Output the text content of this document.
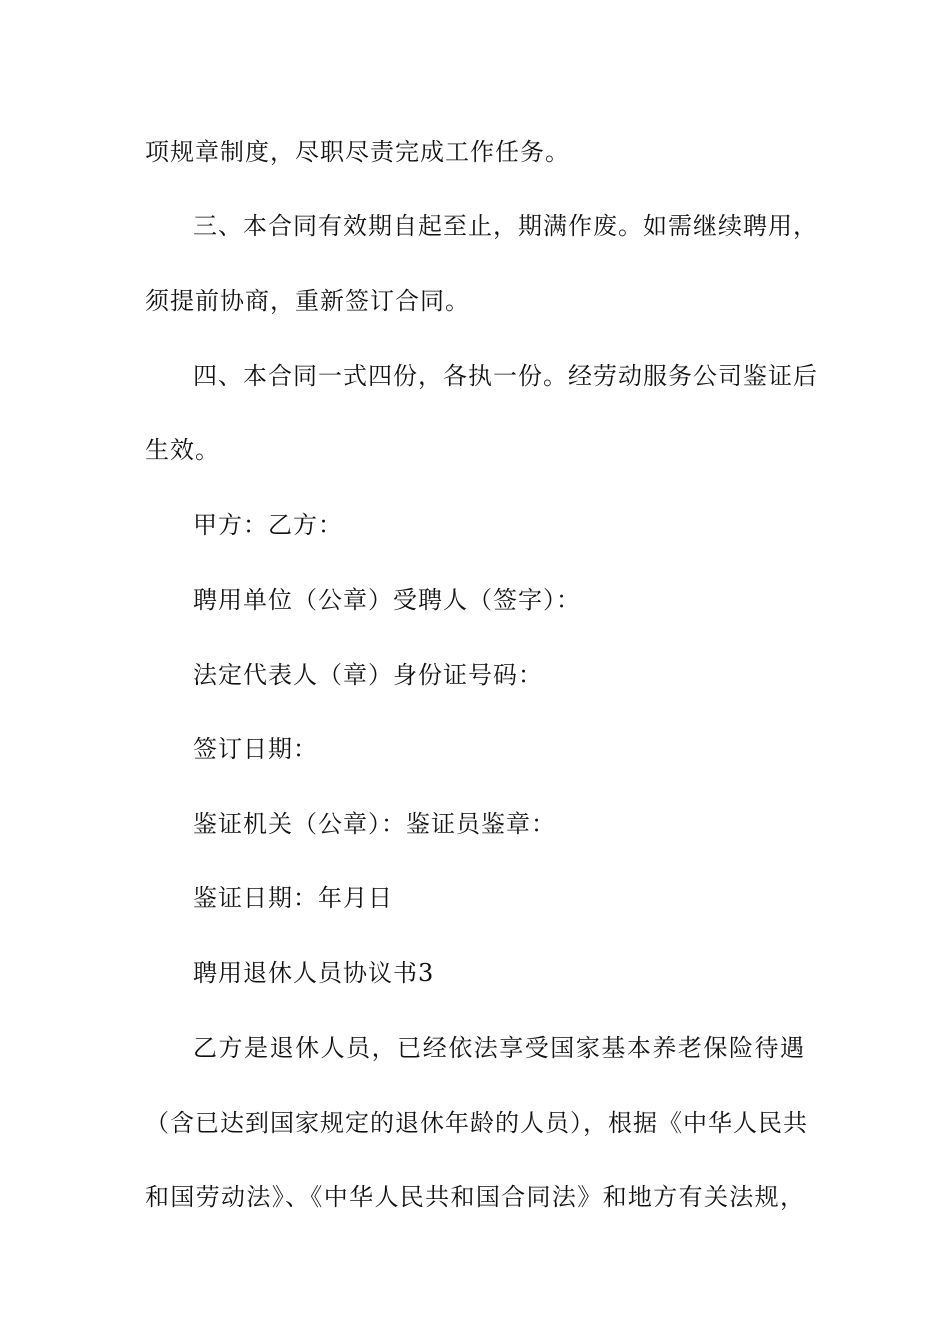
项规章制度，尽职尽责完成工作任务。
三、本合同有效期自起至止，期满作废。如需继续聘用，
须提前协商，重新签订合同。
四、本合同一式四份，各执一份。经劳动服务公司鉴证后
生效。
甲方：乙方：
聘用单位（公章）受聘人（签字）：
法定代表人（章）身份证号码：
签订日期：
鉴证机关（公章）：鉴证员鉴章：
鉴证日期：年月日
聘用退休人员协议书3
乙方是退休人员，已经依法享受国家基本养老保险待遇
（含已达到国家规定的退休年龄的人员），根据《中华人民共
和国劳动法》、《中华人民共和国合同法》和地方有关法规，
